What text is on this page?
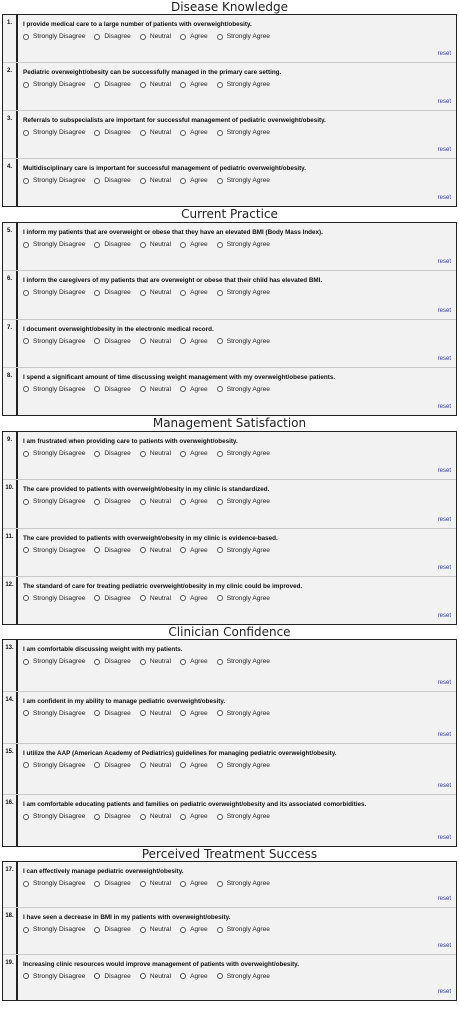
Disease Knowledge
1.	I provide medical care to a large number of patients with overweight/obesity.
Strongly Disagree	Disagree	Neutral	Agree	Strongly Agree
reset
2.	Pediatric overweight/obesity can be successfully managed in the primary care setting.
Strongly Disagree	Disagree	Neutral	Agree	Strongly Agree
reset
3.	Referrals to subspecialists are important for successful management of pediatric overweight/obesity.
Strongly Disagree	Disagree	Neutral	Agree	Strongly Agree
reset
4.	Multidisciplinary care is important for successful management of pediatric overweight/obesity.
Strongly Disagree	Disagree	Neutral	Agree	Strongly Agree
reset
Current Practice
5.	I inform my patients that are overweight or obese that they have an elevated BMI (Body Mass Index).
Strongly Disagree	Disagree	Neutral	Agree	Strongly Agree
reset
6.	I inform the caregivers of my patients that are overweight or obese that their child has elevated BMI.
Strongly Disagree	Disagree	Neutral	Agree	Strongly Agree
reset
7.	I document overweight/obesity in the electronic medical record.
Strongly Disagree	Disagree	Neutral	Agree	Strongly Agree
reset
8.	I spend a significant amount of time discussing weight management with my overweight/obese patients.
Strongly Disagree	Disagree	Neutral	Agree	Strongly Agree
reset
Management Satisfaction
9.	I am frustrated when providing care to patients with overweight/obesity.
Strongly Disagree	Disagree	Neutral	Agree	Strongly Agree
reset
10.	The care provided to patients with overweight/obesity in my clinic is standardized.
Strongly Disagree	Disagree	Neutral	Agree	Strongly Agree
reset
11.	The care provided to patients with overweight/obesity in my clinic is evidence-based.
Strongly Disagree	Disagree	Neutral	Agree	Strongly Agree
reset
12.	The standard of care for treating pediatric overweight/obesity in my clinic could be improved.
Strongly Disagree	Disagree	Neutral	Agree	Strongly Agree
reset
Clinician Confidence
13.	I am comfortable discussing weight with my patients.
Strongly Disagree	Disagree	Neutral	Agree	Strongly Agree
reset
14.	I am confident in my ability to manage pediatric overweight/obesity.
Strongly Disagree	Disagree	Neutral	Agree	Strongly Agree
reset
15.	I utilize the AAP (American Academy of Pediatrics) guidelines for managing pediatric overweight/obesity.
Strongly Disagree	Disagree	Neutral	Agree	Strongly Agree
reset
16.	I am comfortable educating patients and families on pediatric overweight/obesity and its associated comorbidities.
Strongly Disagree	Disagree	Neutral	Agree	Strongly Agree
reset
Perceived Treatment Success
17.	I can effectively manage pediatric overweight/obesity.
Strongly Disagree	Disagree	Neutral	Agree	Strongly Agree
reset
18.	I have seen a decrease in BMI in my patients with overweight/obesity.
Strongly Disagree	Disagree	Neutral	Agree	Strongly Agree
reset
19.	Increasing clinic resources would improve management of patients with overweight/obesity.
Strongly Disagree	Disagree	Neutral	Agree	Strongly Agree
reset
